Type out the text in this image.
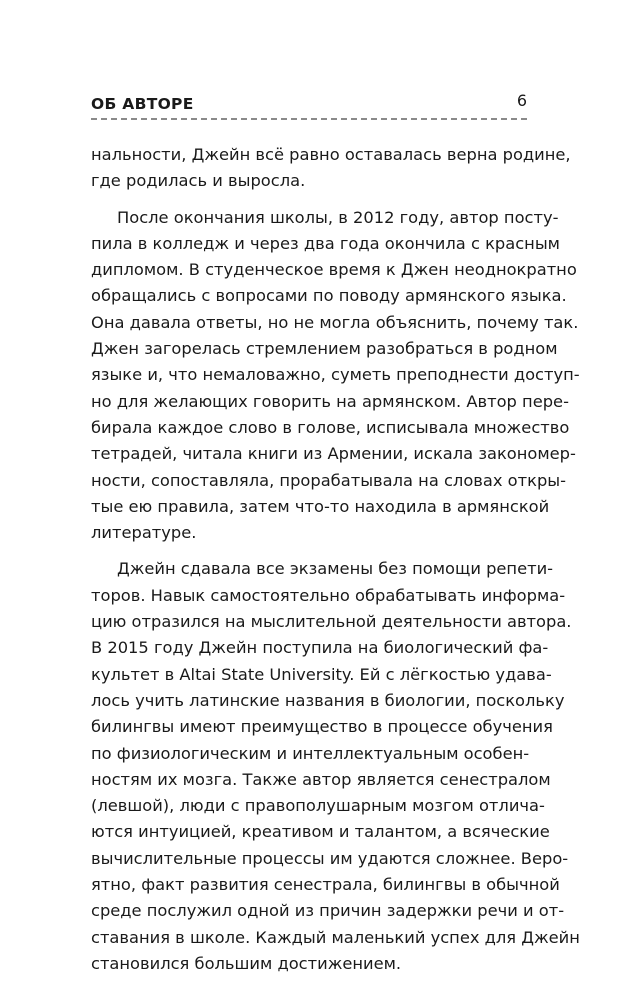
ОБ АВТОРЕ	6

нальности, Джейн всё равно оставалась верна родине,
где родилась и выросла.

После окончания школы, в 2012 году, автор посту-
пила в колледж и через два года окончила с красным
дипломом. В студенческое время к Джен неоднократно
обращались с вопросами по поводу армянского языка.
Она давала ответы, но не могла объяснить, почему так.
Джен загорелась стремлением разобраться в родном
языке и, что немаловажно, суметь преподнести доступ-
но для желающих говорить на армянском. Автор пере-
бирала каждое слово в голове, исписывала множество
тетрадей, читала книги из Армении, искала закономер-
ности, сопоставляла, прорабатывала на словах откры-
тые ею правила, затем что-то находила в армянской
литературе.

Джейн сдавала все экзамены без помощи репети-
торов. Навык самостоятельно обрабатывать информа-
цию отразился на мыслительной деятельности автора.
В 2015 году Джейн поступила на биологический фа-
культет в Altai State University. Ей с лёгкостью удава-
лось учить латинские названия в биологии, поскольку
билингвы имеют преимущество в процессе обучения
по физиологическим и интеллектуальным особен-
ностям их мозга. Также автор является сенестралом
(левшой), люди с правополушарным мозгом отлича-
ются интуицией, креативом и талантом, а всяческие
вычислительные процессы им удаются сложнее. Веро-
ятно, факт развития сенестрала, билингвы в обычной
среде послужил одной из причин задержки речи и от-
ставания в школе. Каждый маленький успех для Джейн
становился большим достижением.
